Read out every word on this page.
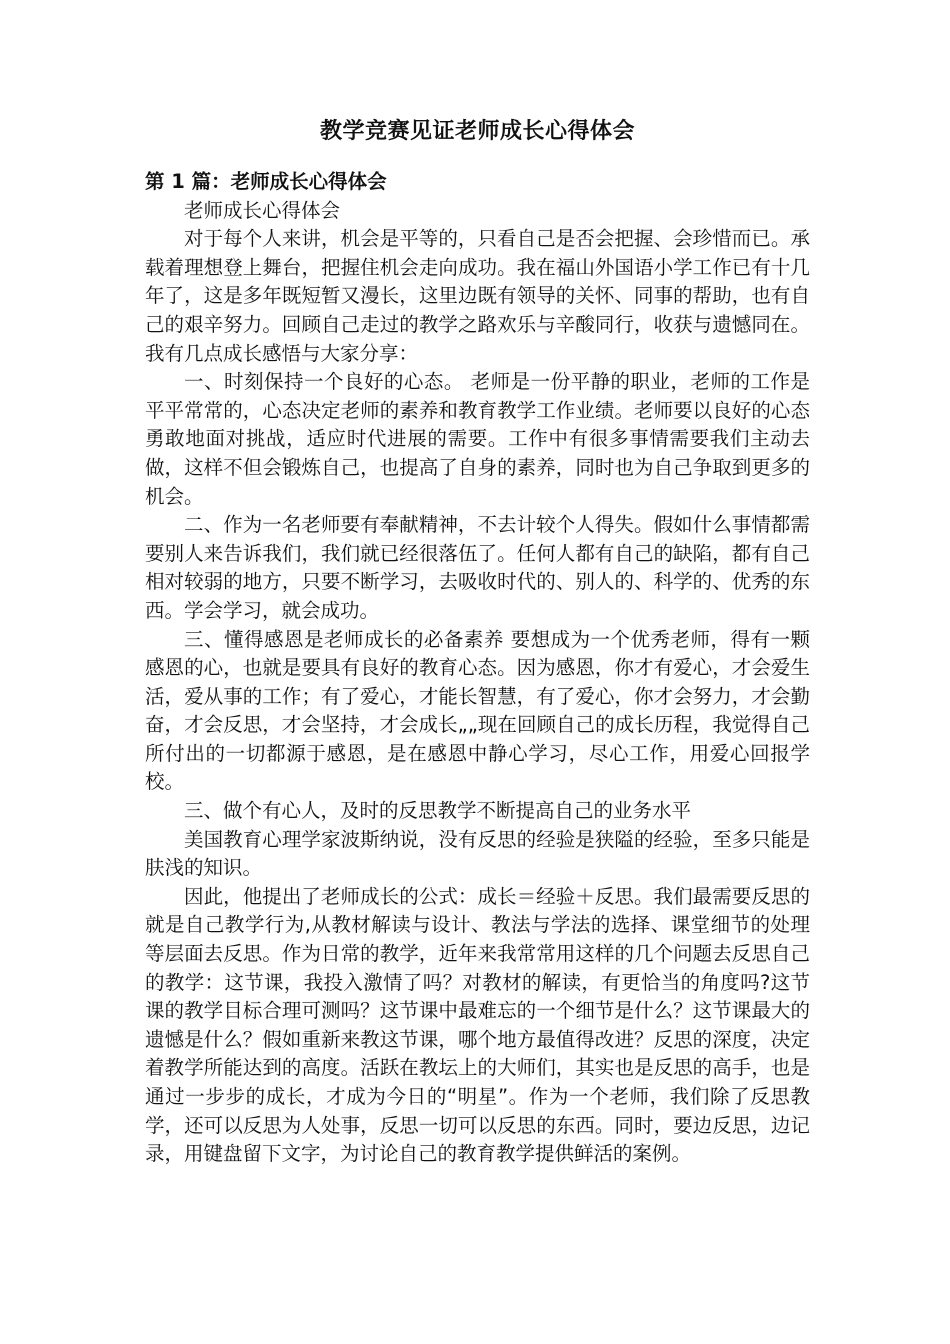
教学竞赛见证老师成长心得体会
第 1 篇：老师成长心得体会

老师成长心得体会

对于每个人来讲，机会是平等的，只看自己是否会把握、会珍惜而已。承载着理想登上舞台，把握住机会走向成功。我在福山外国语小学工作已有十几年了，这是多年既短暂又漫长，这里边既有领导的关怀、同事的帮助，也有自己的艰辛努力。回顾自己走过的教学之路欢乐与辛酸同行，收获与遗憾同在。我有几点成长感悟与大家分享：

一、时刻保持一个良好的心态。 老师是一份平静的职业，老师的工作是平平常常的，心态决定老师的素养和教育教学工作业绩。老师要以良好的心态勇敢地面对挑战，适应时代进展的需要。工作中有很多事情需要我们主动去做，这样不但会锻炼自己，也提高了自身的素养，同时也为自己争取到更多的机会。

二、作为一名老师要有奉献精神，不去计较个人得失。假如什么事情都需要别人来告诉我们，我们就已经很落伍了。任何人都有自己的缺陷，都有自己相对较弱的地方，只要不断学习，去吸收时代的、别人的、科学的、优秀的东西。学会学习，就会成功。

三、懂得感恩是老师成长的必备素养 要想成为一个优秀老师，得有一颗感恩的心，也就是要具有良好的教育心态。因为感恩，你才有爱心，才会爱生活，爱从事的工作；有了爱心，才能长智慧，有了爱心，你才会努力，才会勤奋，才会反思，才会坚持，才会成长„„现在回顾自己的成长历程，我觉得自己所付出的一切都源于感恩，是在感恩中静心学习，尽心工作，用爱心回报学校。

三、做个有心人，及时的反思教学不断提高自己的业务水平

美国教育心理学家波斯纳说，没有反思的经验是狭隘的经验，至多只能是肤浅的知识。

因此，他提出了老师成长的公式：成长＝经验＋反思。我们最需要反思的就是自己教学行为,从教材解读与设计、教法与学法的选择、课堂细节的处理等层面去反思。作为日常的教学，近年来我常常用这样的几个问题去反思自己的教学：这节课，我投入激情了吗？对教材的解读，有更恰当的角度吗?这节课的教学目标合理可测吗？这节课中最难忘的一个细节是什么？这节课最大的遗憾是什么？假如重新来教这节课，哪个地方最值得改进？反思的深度，决定着教学所能达到的高度。活跃在教坛上的大师们，其实也是反思的高手，也是通过一步步的成长，才成为今日的“明星”。作为一个老师，我们除了反思教学，还可以反思为人处事，反思一切可以反思的东西。同时，要边反思，边记录，用键盘留下文字，为讨论自己的教育教学提供鲜活的案例。
